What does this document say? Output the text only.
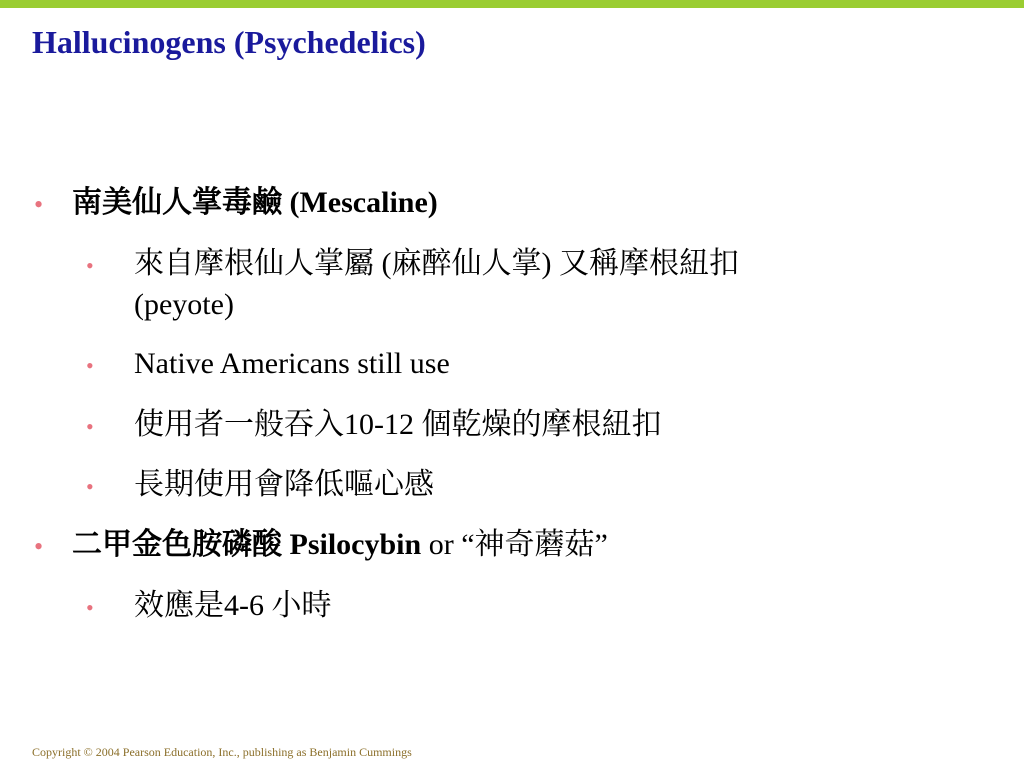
Hallucinogens (Psychedelics)
• 南美仙人掌毒鹼 (Mescaline)
• 來自摩根仙人掌屬 (麻醉仙人掌) 又稱摩根紐扣
(peyote)
• Native Americans still use
• 使用者一般吞入10-12 個乾燥的摩根紐扣
• 長期使用會降低嘔心感
• 二甲金色胺磷酸 Psilocybin or “神奇蘑菇”
• 效應是4-6 小時
Copyright © 2004 Pearson Education, Inc., publishing as Benjamin Cummings
